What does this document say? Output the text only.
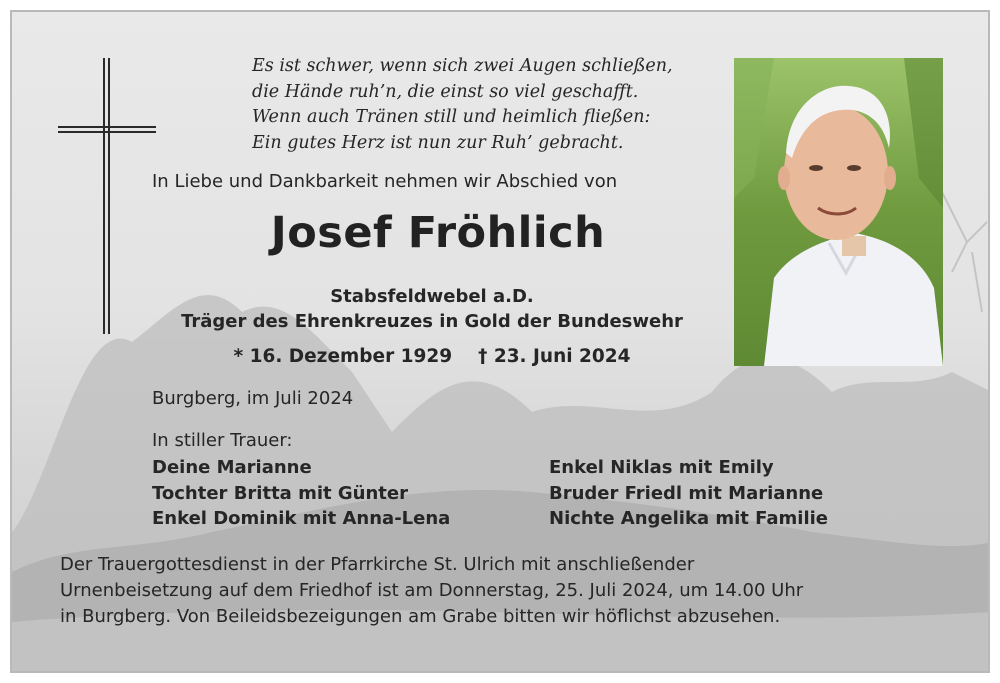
Es ist schwer, wenn sich zwei Augen schließen,
die Hände ruh’n, die einst so viel geschafft.
Wenn auch Tränen still und heimlich fließen:
Ein gutes Herz ist nun zur Ruh’ gebracht.
In Liebe und Dankbarkeit nehmen wir Abschied von
Josef Fröhlich
Stabsfeldwebel a.D.
Träger des Ehrenkreuzes in Gold der Bundeswehr
* 16. Dezember 1929 † 23. Juni 2024
Burgberg, im Juli 2024
In stiller Trauer:
Deine Marianne
Tochter Britta mit Günter
Enkel Dominik mit Anna-Lena
Enkel Niklas mit Emily
Bruder Friedl mit Marianne
Nichte Angelika mit Familie
Der Trauergottesdienst in der Pfarrkirche St. Ulrich mit anschließender
Urnenbeisetzung auf dem Friedhof ist am Donnerstag, 25. Juli 2024, um 14.00 Uhr
in Burgberg. Von Beileidsbezeigungen am Grabe bitten wir höflichst abzusehen.
